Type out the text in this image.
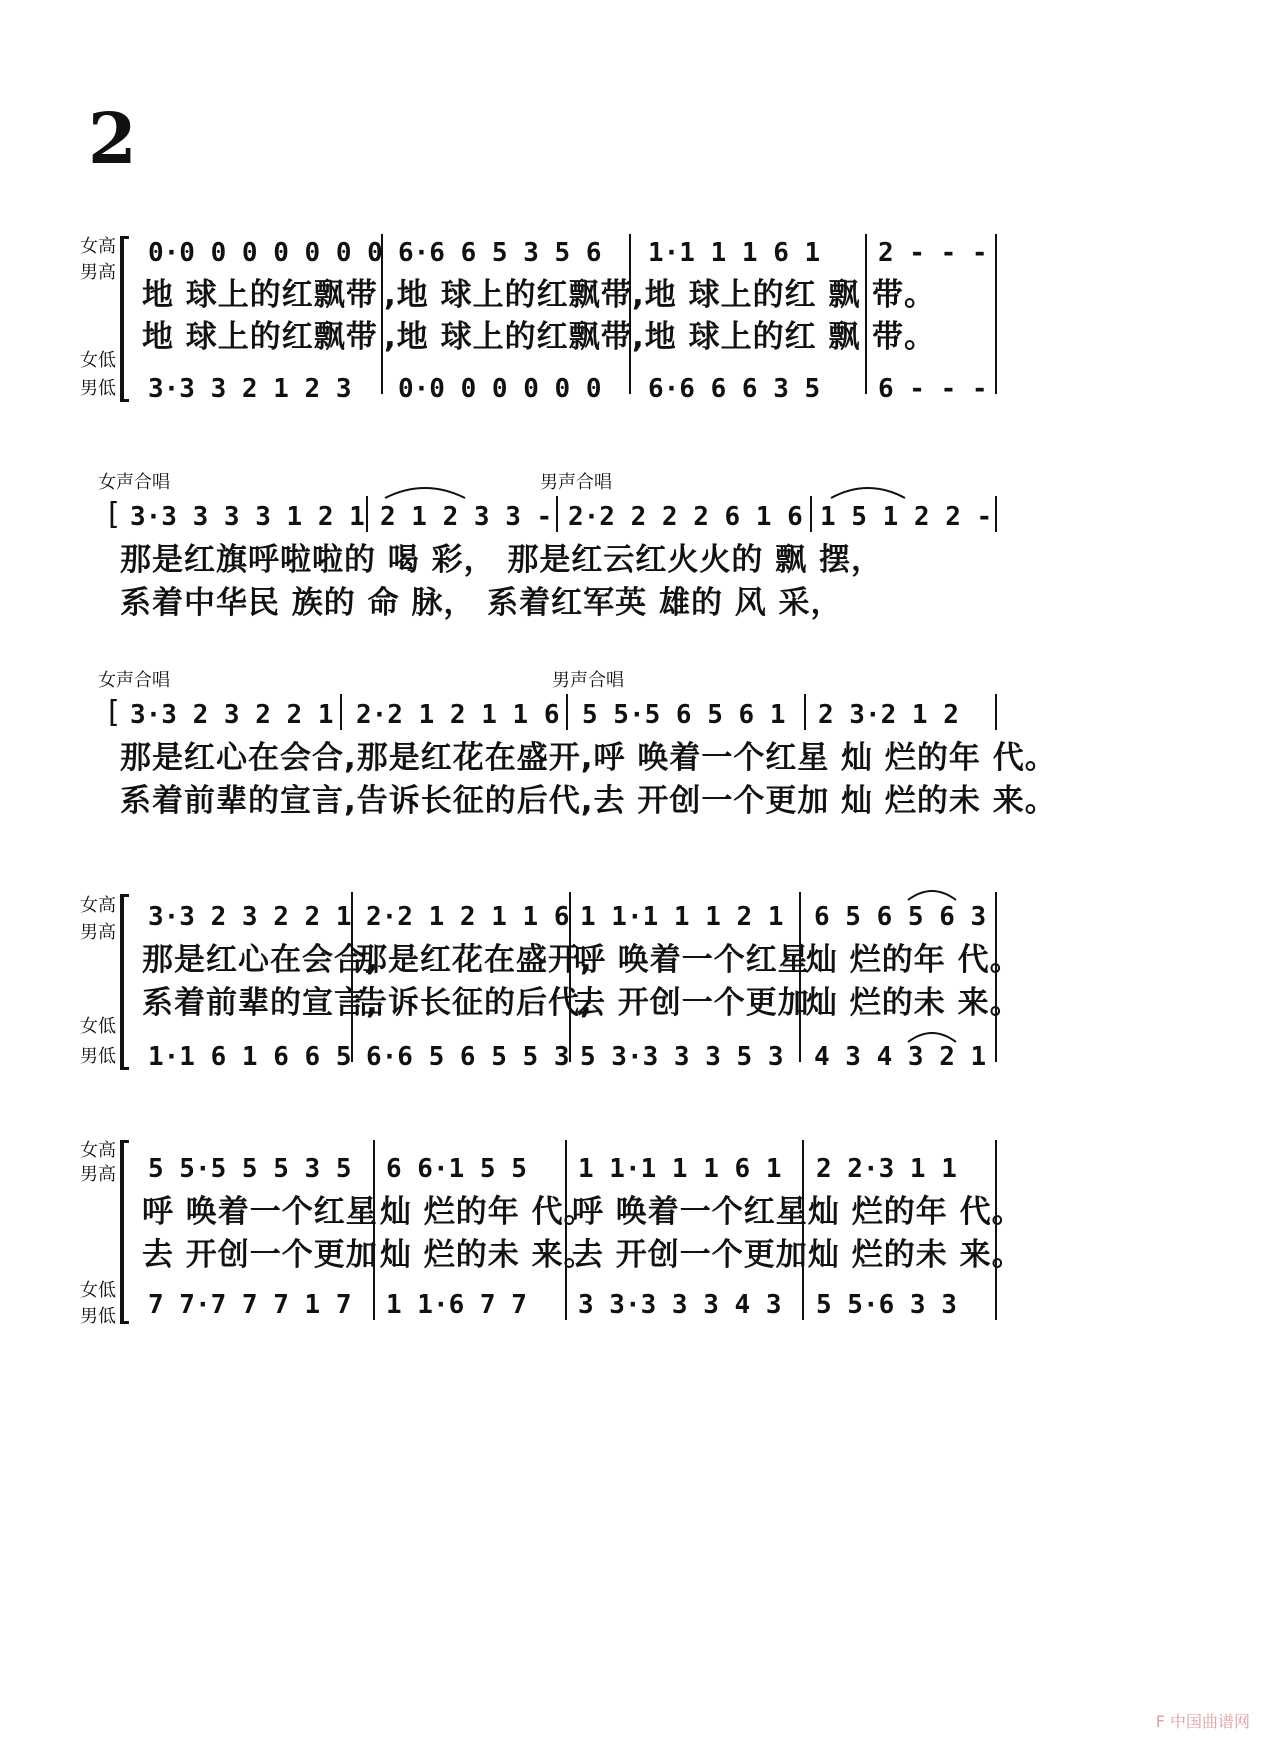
2
女高
男高
女低
男低
0·0 0 0 0 0 0 0 6·6 6 5 3 5 6 1·1 1 1 6 1 2 - - -
地 球上的红飘带 ,地 球上的红飘带 ,地 球上的红 飘 带。
地 球上的红飘带 ,地 球上的红飘带 ,地 球上的红 飘 带。
3·3 3 2 1 2 3 0·0 0 0 0 0 0 6·6 6 6 3 5 6 - - -
女声合唱	男声合唱
[ 3·3 3 3 3 1 2 1 2 1 2 3 3 - 2·2 2 2 2 6 1 6 1 5 1 2 2 -
那是红旗呼啦啦的 喝 彩， 那是红云红火火的 飘 摆，
系着中华民 族的 命 脉， 系着红军英 雄的 风 采，
女声合唱	男声合唱
[ 3·3 2 3 2 2 1 2·2 1 2 1 1 6 5 5·5 6 5 6 1 2 3·2 1 2
那是红心在会合,那是红花在盛开,呼 唤着一个红星 灿 烂的年 代。
系着前辈的宣言,告诉长征的后代,去 开创一个更加 灿 烂的未 来。
女高
男高
女低
男低
3·3 2 3 2 2 1 2·2 1 2 1 1 6 1 1·1 1 1 2 1 6 5 6 5 6 3
那是红心在会合,
那是红花在盛开,
呼 唤着一个红星
灿 烂的年 代。
系着前辈的宣言,
告诉长征的后代,
去 开创一个更加
灿 烂的未 来。
1·1 6 1 6 6 5 6·6 5 6 5 5 3 5 3·3 3 3 5 3 4 3 4 3 2 1
女高
男高
女低
男低
5 5·5 5 5 3 5 6 6·1 5 5 1 1·1 1 1 6 1 2 2·3 1 1
呼 唤着一个红星 灿 烂的年 代。
呼 唤着一个红星 灿 烂的年 代。
去 开创一个更加 灿 烂的未 来。
去 开创一个更加 灿 烂的未 来。
7 7·7 7 7 1 7 1 1·6 7 7 3 3·3 3 3 4 3 5 5·6 3 3
F 中国曲谱网
